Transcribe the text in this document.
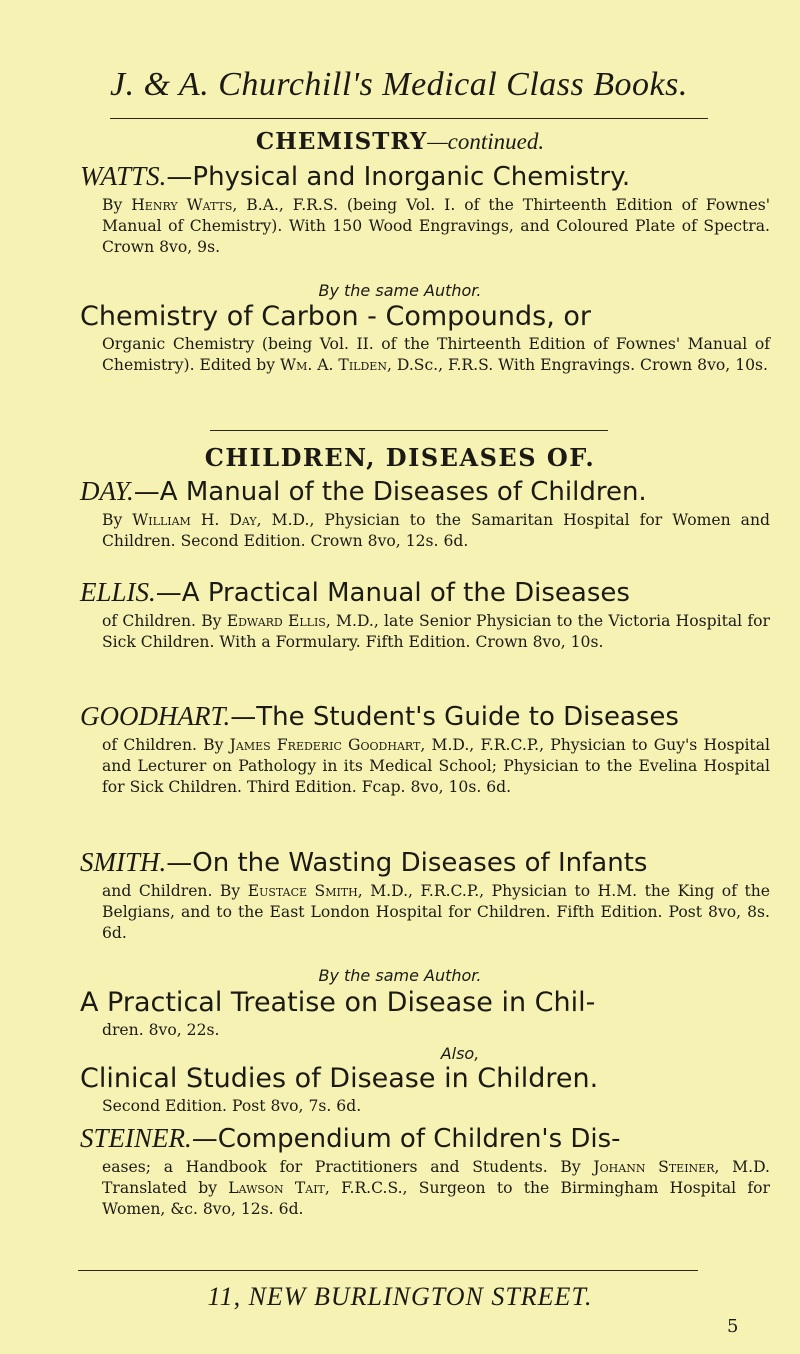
J. & A. Churchill's Medical Class Books.
CHEMISTRY—continued.
WATTS.—Physical and Inorganic Chemistry.
By Henry Watts, B.A., F.R.S. (being Vol. I. of the Thirteenth Edition of Fownes' Manual of Chemistry). With 150 Wood Engravings, and Coloured Plate of Spectra. Crown 8vo, 9s.
By the same Author.
Chemistry of Carbon - Compounds, or
Organic Chemistry (being Vol. II. of the Thirteenth Edition of Fownes' Manual of Chemistry). Edited by Wm. A. Tilden, D.Sc., F.R.S. With Engravings. Crown 8vo, 10s.
CHILDREN, DISEASES OF.
DAY.—A Manual of the Diseases of Children.
By William H. Day, M.D., Physician to the Samaritan Hospital for Women and Children. Second Edition. Crown 8vo, 12s. 6d.
ELLIS.—A Practical Manual of the Diseases
of Children. By Edward Ellis, M.D., late Senior Physician to the Victoria Hospital for Sick Children. With a Formulary. Fifth Edition. Crown 8vo, 10s.
GOODHART.—The Student's Guide to Diseases
of Children. By James Frederic Goodhart, M.D., F.R.C.P., Physician to Guy's Hospital and Lecturer on Pathology in its Medical School; Physician to the Evelina Hospital for Sick Children. Third Edition. Fcap. 8vo, 10s. 6d.
SMITH.—On the Wasting Diseases of Infants
and Children. By Eustace Smith, M.D., F.R.C.P., Physician to H.M. the King of the Belgians, and to the East London Hospital for Children. Fifth Edition. Post 8vo, 8s. 6d.
By the same Author.
A Practical Treatise on Disease in Chil-
dren. 8vo, 22s.
Also,
Clinical Studies of Disease in Children.
Second Edition. Post 8vo, 7s. 6d.
STEINER.—Compendium of Children's Dis-
eases; a Handbook for Practitioners and Students. By Johann Steiner, M.D. Translated by Lawson Tait, F.R.C.S., Surgeon to the Birmingham Hospital for Women, &c. 8vo, 12s. 6d.
11, NEW BURLINGTON STREET.
5
